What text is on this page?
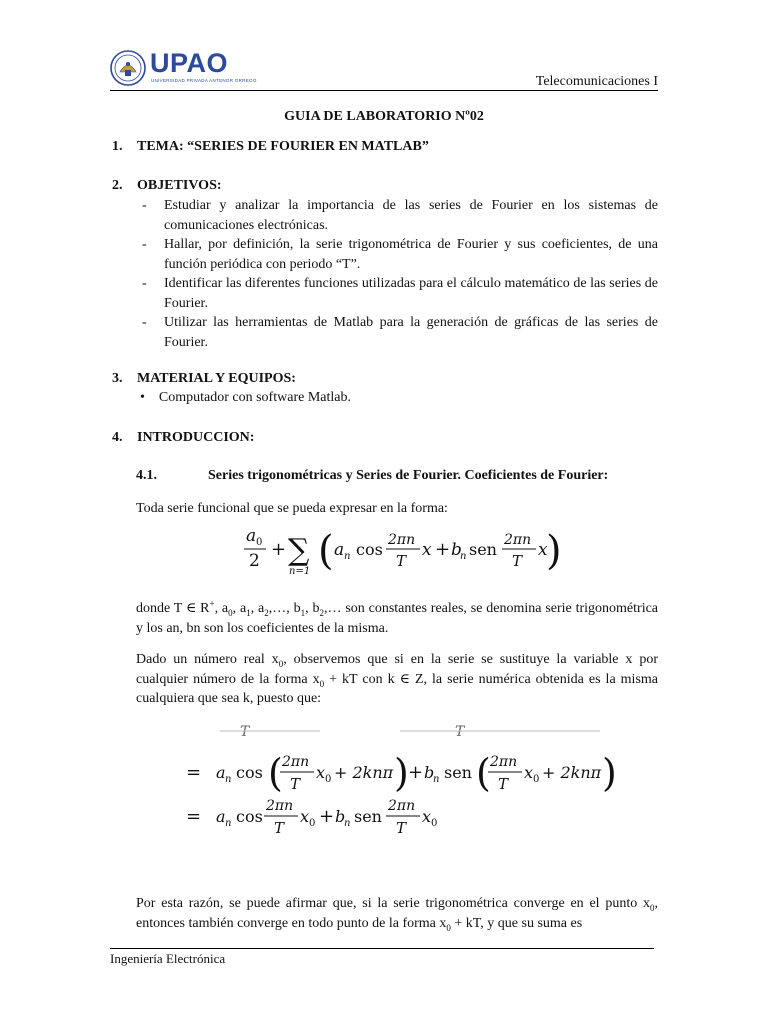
UPAO
UNIVERSIDAD PRIVADA ANTENOR ORREGO	Telecomunicaciones I
GUIA DE LABORATORIO Nº02
1. TEMA: “SERIES DE FOURIER EN MATLAB”
2. OBJETIVOS:
- Estudiar y analizar la importancia de las series de Fourier en los sistemas de comunicaciones electrónicas.
- Hallar, por definición, la serie trigonométrica de Fourier y sus coeficientes, de una función periódica con periodo “T”.
- Identificar las diferentes funciones utilizadas para el cálculo matemático de las series de Fourier.
- Utilizar las herramientas de Matlab para la generación de gráficas de las series de Fourier.
3. MATERIAL Y EQUIPOS:
• Computador con software Matlab.
4. INTRODUCCION:
4.1.	Series trigonométricas y Series de Fourier. Coeficientes de Fourier:
Toda serie funcional que se pueda expresar en la forma:
a 0
2
+ ∑
n=1 ( a n cos 2πn
T
x + b
n sen 2πn
T
x
)
donde T ∈ R+, $a_0$, $a_1$, $a_2,\dots$, $b_1$, $b_2,\dots$ son constantes reales, se denomina serie trigonométrica y los an, bn son los coeficientes de la misma.
Dado un número real $x_0$, observemos que si en la serie se sustituye la variable x por cualquier número de la forma $x_0$ + kT con k ∈ Z, la serie numérica obtenida es la misma cualquiera que sea k, puesto que:
T	T
= a n cos ( 2πn
T
x 0 + 2knπ ) + b
n sen ( 2πn
T
x 0 + 2knπ )
= a n cos
2πn
T
x 0 + b
n sen
2πn
T
x 0
Por esta razón, se puede afirmar que, si la serie trigonométrica converge en el punto $x_0$, entonces también converge en todo punto de la forma $x_0$ + kT, y que su suma es
Ingeniería Electrónica
